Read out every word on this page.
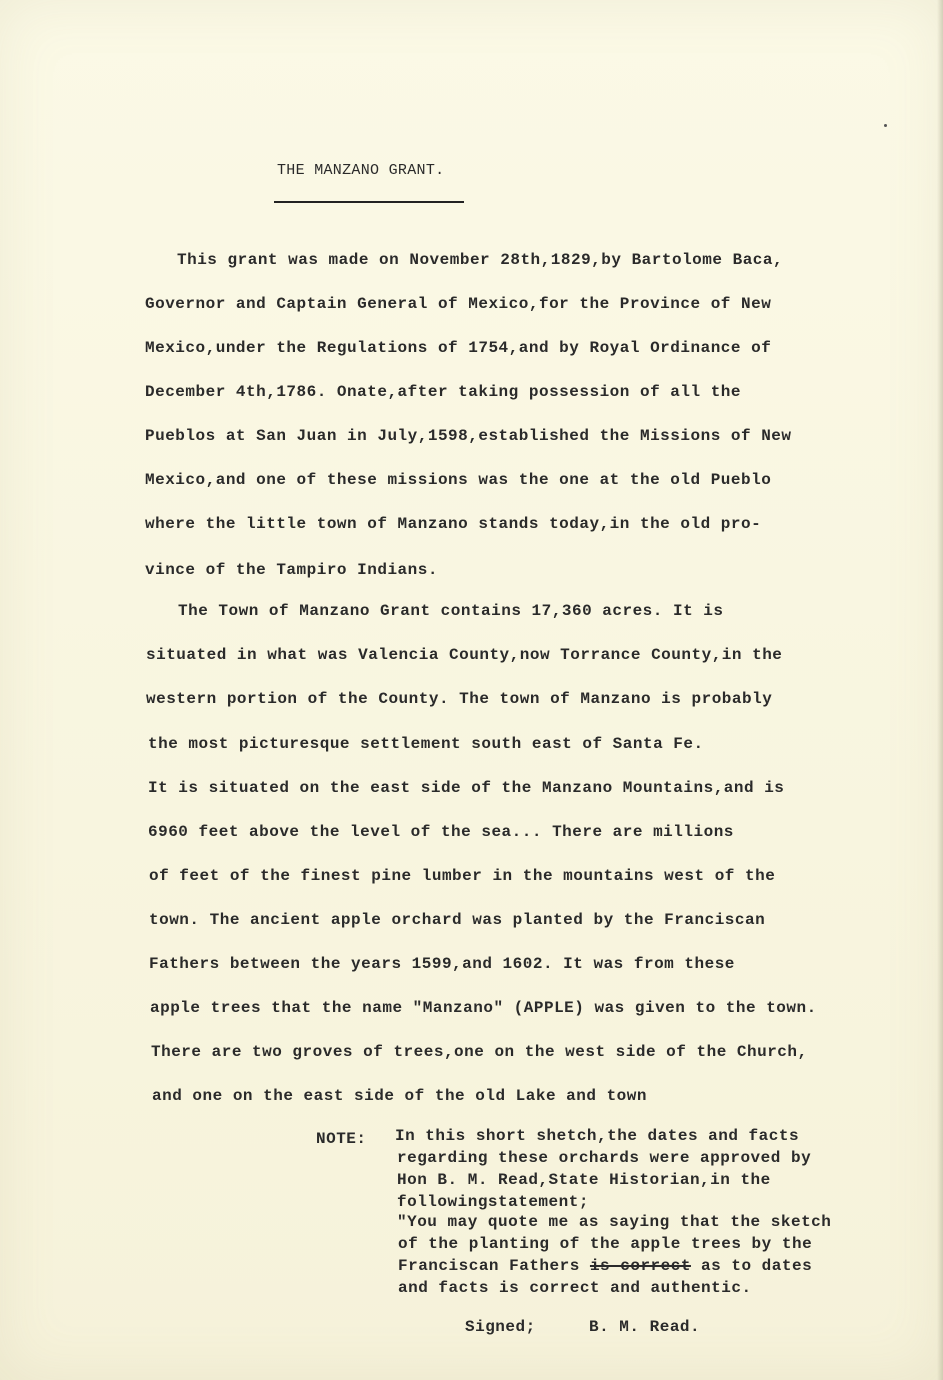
THE MANZANO GRANT.
This grant was made on November 28th,1829,by Bartolome Baca,
Governor and Captain General of Mexico,for the Province of New
Mexico,under the Regulations of 1754,and by Royal Ordinance of
December 4th,1786. Onate,after taking possession of all the
Pueblos at San Juan in July,1598,established the Missions of New
Mexico,and one of these missions was the one at the old Pueblo
where the little town of Manzano stands today,in the old pro-
vince of the Tampiro Indians.
The Town of Manzano Grant contains 17,360 acres. It is
situated in what was Valencia County,now Torrance County,in the
western portion of the County. The town of Manzano is probably
the most picturesque settlement south east of Santa Fe.
It is situated on the east side of the Manzano Mountains,and is
6960 feet above the level of the sea... There are millions
of feet of the finest pine lumber in the mountains west of the
town. The ancient apple orchard was planted by the Franciscan
Fathers between the years 1599,and 1602. It was from these
apple trees that the name "Manzano" (APPLE) was given to the town.
There are two groves of trees,one on the west side of the Church,
and one on the east side of the old Lake and town
NOTE: In this short shetch,the dates and facts
regarding these orchards were approved by
Hon B. M. Read,State Historian,in the
followingstatement;
"You may quote me as saying that the sketch
of the planting of the apple trees by the
Franciscan Fathers is correct as to dates
and facts is correct and authentic.
Signed;	B. M. Read.
